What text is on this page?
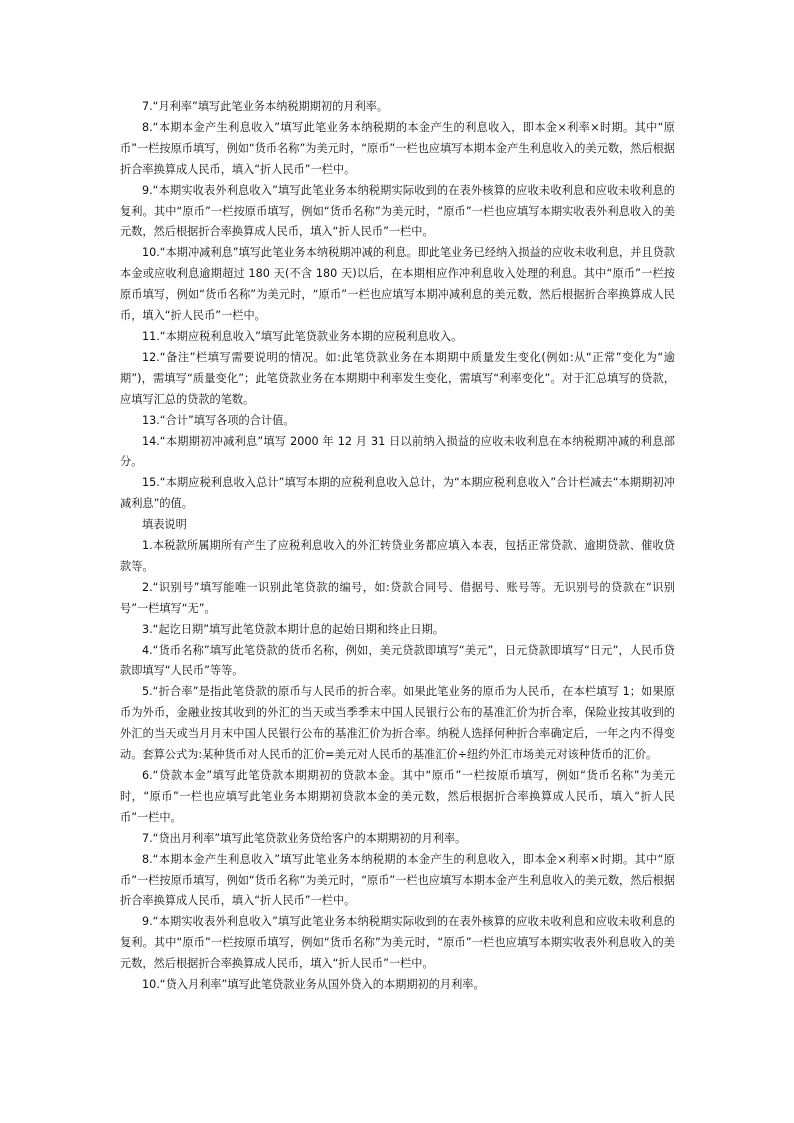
7.“月利率”填写此笔业务本纳税期期初的月利率。

8.“本期本金产生利息收入”填写此笔业务本纳税期的本金产生的利息收入，即本金×利率×时期。其中“原币”一栏按原币填写，例如“货币名称”为美元时，“原币”一栏也应填写本期本金产生利息收入的美元数，然后根据折合率换算成人民币，填入“折人民币”一栏中。

9.“本期实收表外利息收入”填写此笔业务本纳税期实际收到的在表外核算的应收未收利息和应收未收利息的复利。其中“原币”一栏按原币填写，例如“货币名称”为美元时，“原币”一栏也应填写本期实收表外利息收入的美元数，然后根据折合率换算成人民币，填入“折人民币”一栏中。

10.“本期冲减利息”填写此笔业务本纳税期冲减的利息。即此笔业务已经纳入损益的应收未收利息，并且贷款本金或应收利息逾期超过 180 天(不含 180 天)以后，在本期相应作冲利息收入处理的利息。其中“原币”一栏按原币填写，例如“货币名称”为美元时，“原币”一栏也应填写本期冲减利息的美元数，然后根据折合率换算成人民币，填入“折人民币”一栏中。

11.“本期应税利息收入”填写此笔贷款业务本期的应税利息收入。

12.“备注”栏填写需要说明的情况。如:此笔贷款业务在本期期中质量发生变化(例如:从“正常”变化为“逾期”)，需填写“质量变化”；此笔贷款业务在本期期中利率发生变化，需填写“利率变化”。对于汇总填写的贷款，应填写汇总的贷款的笔数。

13.“合计”填写各项的合计值。

14.“本期期初冲减利息”填写 2000 年 12 月 31 日以前纳入损益的应收未收利息在本纳税期冲减的利息部分。

15.“本期应税利息收入总计”填写本期的应税利息收入总计，为“本期应税利息收入”合计栏减去“本期期初冲减利息”的值。

填表说明

1.本税款所属期所有产生了应税利息收入的外汇转贷业务都应填入本表，包括正常贷款、逾期贷款、催收贷款等。

2.“识别号”填写能唯一识别此笔贷款的编号，如:贷款合同号、借据号、账号等。无识别号的贷款在“识别号”一栏填写“无”。

3.“起讫日期”填写此笔贷款本期计息的起始日期和终止日期。

4.“货币名称”填写此笔贷款的货币名称，例如，美元贷款即填写“美元”，日元贷款即填写“日元”，人民币贷款即填写“人民币”等等。

5.“折合率”是指此笔贷款的原币与人民币的折合率。如果此笔业务的原币为人民币，在本栏填写 1；如果原币为外币，金融业按其收到的外汇的当天或当季季末中国人民银行公布的基准汇价为折合率，保险业按其收到的外汇的当天或当月月末中国人民银行公布的基准汇价为折合率。纳税人选择何种折合率确定后，一年之内不得变动。套算公式为:某种货币对人民币的汇价=美元对人民币的基准汇价÷纽约外汇市场美元对该种货币的汇价。

6.“贷款本金”填写此笔贷款本期期初的贷款本金。其中“原币”一栏按原币填写，例如“货币名称”为美元时，“原币”一栏也应填写此笔业务本期期初贷款本金的美元数，然后根据折合率换算成人民币，填入“折人民币”一栏中。

7.“贷出月利率”填写此笔贷款业务贷给客户的本期期初的月利率。

8.“本期本金产生利息收入”填写此笔业务本纳税期的本金产生的利息收入，即本金×利率×时期。其中“原币”一栏按原币填写，例如“货币名称”为美元时，“原币”一栏也应填写本期本金产生利息收入的美元数，然后根据折合率换算成人民币，填入“折人民币”一栏中。

9.“本期实收表外利息收入”填写此笔业务本纳税期实际收到的在表外核算的应收未收利息和应收未收利息的复利。其中“原币”一栏按原币填写，例如“货币名称”为美元时，“原币”一栏也应填写本期实收表外利息收入的美元数，然后根据折合率换算成人民币，填入“折人民币”一栏中。

10.“贷入月利率”填写此笔贷款业务从国外贷入的本期期初的月利率。
